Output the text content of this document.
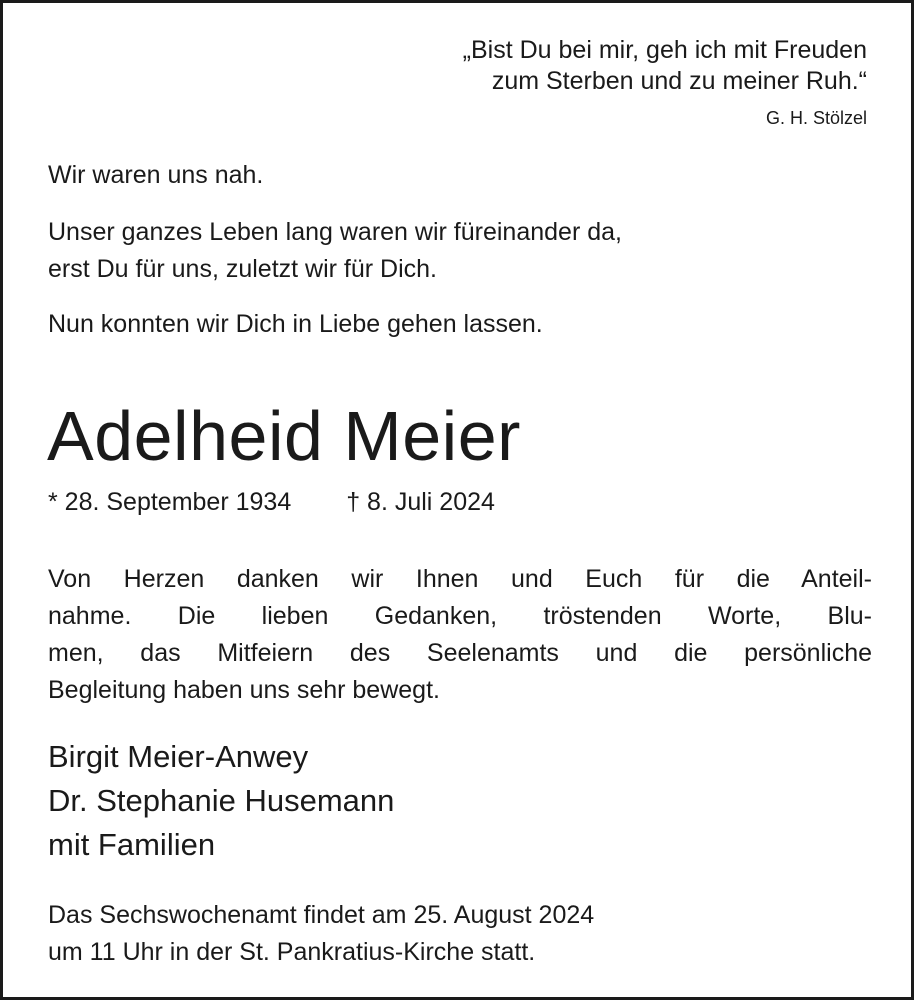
„Bist Du bei mir, geh ich mit Freuden
zum Sterben und zu meiner Ruh.“
G. H. Stölzel
Wir waren uns nah.
Unser ganzes Leben lang waren wir füreinander da,
erst Du für uns, zuletzt wir für Dich.
Nun konnten wir Dich in Liebe gehen lassen.
Adelheid Meier
* 28. September 1934 † 8. Juli 2024
Von Herzen danken wir Ihnen und Euch für die Anteil-
nahme. Die lieben Gedanken, tröstenden Worte, Blu-
men, das Mitfeiern des Seelenamts und die persönliche
Begleitung haben uns sehr bewegt.
Birgit Meier-Anwey
Dr. Stephanie Husemann
mit Familien
Das Sechswochenamt findet am 25. August 2024
um 11 Uhr in der St. Pankratius-Kirche statt.
